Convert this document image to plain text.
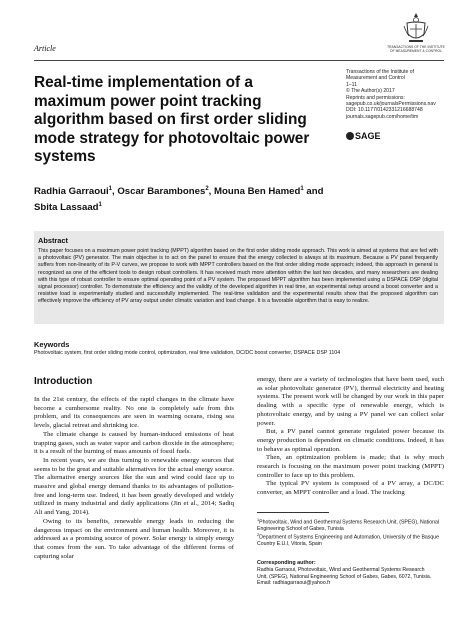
Article	TRANSACTIONS OF THE INSTITUTE OF MEASUREMENT & CONTROL
Real-time implementation of a maximum power point tracking algorithm based on first order sliding mode strategy for photovoltaic power systems
Transactions of the Institute of
Measurement and Control
1–11
© The Author(s) 2017
Reprints and permissions:
sagepub.co.uk/journalsPermissions.nav
DOI: 10.1177/0142331216688748
journals.sagepub.com/home/tim
SAGE
Radhia Garraoui$^1$, Oscar Barambones$^2$, Mouna Ben Hamed$^1$ and
Sbita Lassaad$^1$
Abstract
This paper focuses on a maximum power point tracking (MPPT) algorithm based on the first order sliding mode approach. This work is aimed at systems that are fed with a photovoltaic (PV) generator. The main objective is to act on the panel to ensure that the energy collected is always at its maximum. Because a PV panel frequently suffers from non-linearity of its P-V curves, we propose to work with MPPT controllers based on the first order sliding mode approach; indeed, this approach in general is recognized as one of the efficient tools to design robust controllers. It has received much more attention within the last two decades, and many researchers are dealing with this type of robust controller to ensure optimal operating point of a PV system. The proposed MPPT algorithm has been implemented using a DSPACE DSP (digital signal processor) controller. To demonstrate the efficiency and the validity of the developed algorithm in real time, an experimental setup around a boost converter and a resistive load is experimentally studied and successfully implemented. The real-time validation and the experimental results show that the proposed algorithm can effectively improve the efficiency of PV array output under climatic variation and load change. It is a favorable algorithm that is easy to realize.
Keywords
Photovoltaic system, first order sliding mode control, optimization, real time validation, DC/DC boost converter, DSPACE DSP 1104
Introduction

In the 21st century, the effects of the rapid changes in the climate have become a cumbersome reality. No one is completely safe from this problem, and its consequences are seen in warming oceans, rising sea levels, glacial retreat and shrinking ice.

The climate change is caused by human-induced emissions of heat trapping gases, such as water vapor and carbon dioxide in the atmosphere; it is a result of the burning of mass amounts of fossil fuels.

In recent years, we are thus turning to renewable energy sources that seems to be the great and suitable alternatives for the actual energy source. The alternative energy sources like the sun and wind could face up to massive and global energy demand thanks to its advantages of pollution-free and long-term use. Indeed, it has been greatly developed and widely utilized in many industrial and daily applications (Jin et al., 2014; Sadiq Ali and Yang, 2014).

Owing to its benefits, renewable energy leads to reducing the dangerous impact on the environment and human health. Moreover, it is addressed as a promising source of power. Solar energy is simply energy that comes from the sun. To take advantage of the different forms of capturing solar

energy, there are a variety of technologies that have been used, such as solar photovoltaic generator (PV), thermal electricity and heating systems. The present work will be changed by our work in this paper dealing with a specific type of renewable energy, which is photovoltaic energy, and by using a PV panel we can collect solar power.

But, a PV panel cannot generate regulated power because its energy production is dependent on climatic conditions. Indeed, it has to behave as optimal operation.

Then, an optimization problem is made; that is why much research is focusing on the maximum power point tracking (MPPT) controller to face up to this problem.

The typical PV system is composed of a PV array, a DC/DC converter, an MPPT controller and a load. The tracking

$^1$Photovoltaic, Wind and Geothermal Systems Research Unit, (SPEG), National Engineering School of Gabes, Tunisia
$^2$Department of Systems Engineering and Automation, University of the Basque Country E.U.I, Vitoria, Spain
Corresponding author:
Radhia Garraoui, Photovoltaic, Wind and Geothermal Systems Research
Unit, (SPEG), National Engineering School of Gabes, Gabes, 6072, Tunisia.
Email: radhiagarraoui@yahoo.fr
